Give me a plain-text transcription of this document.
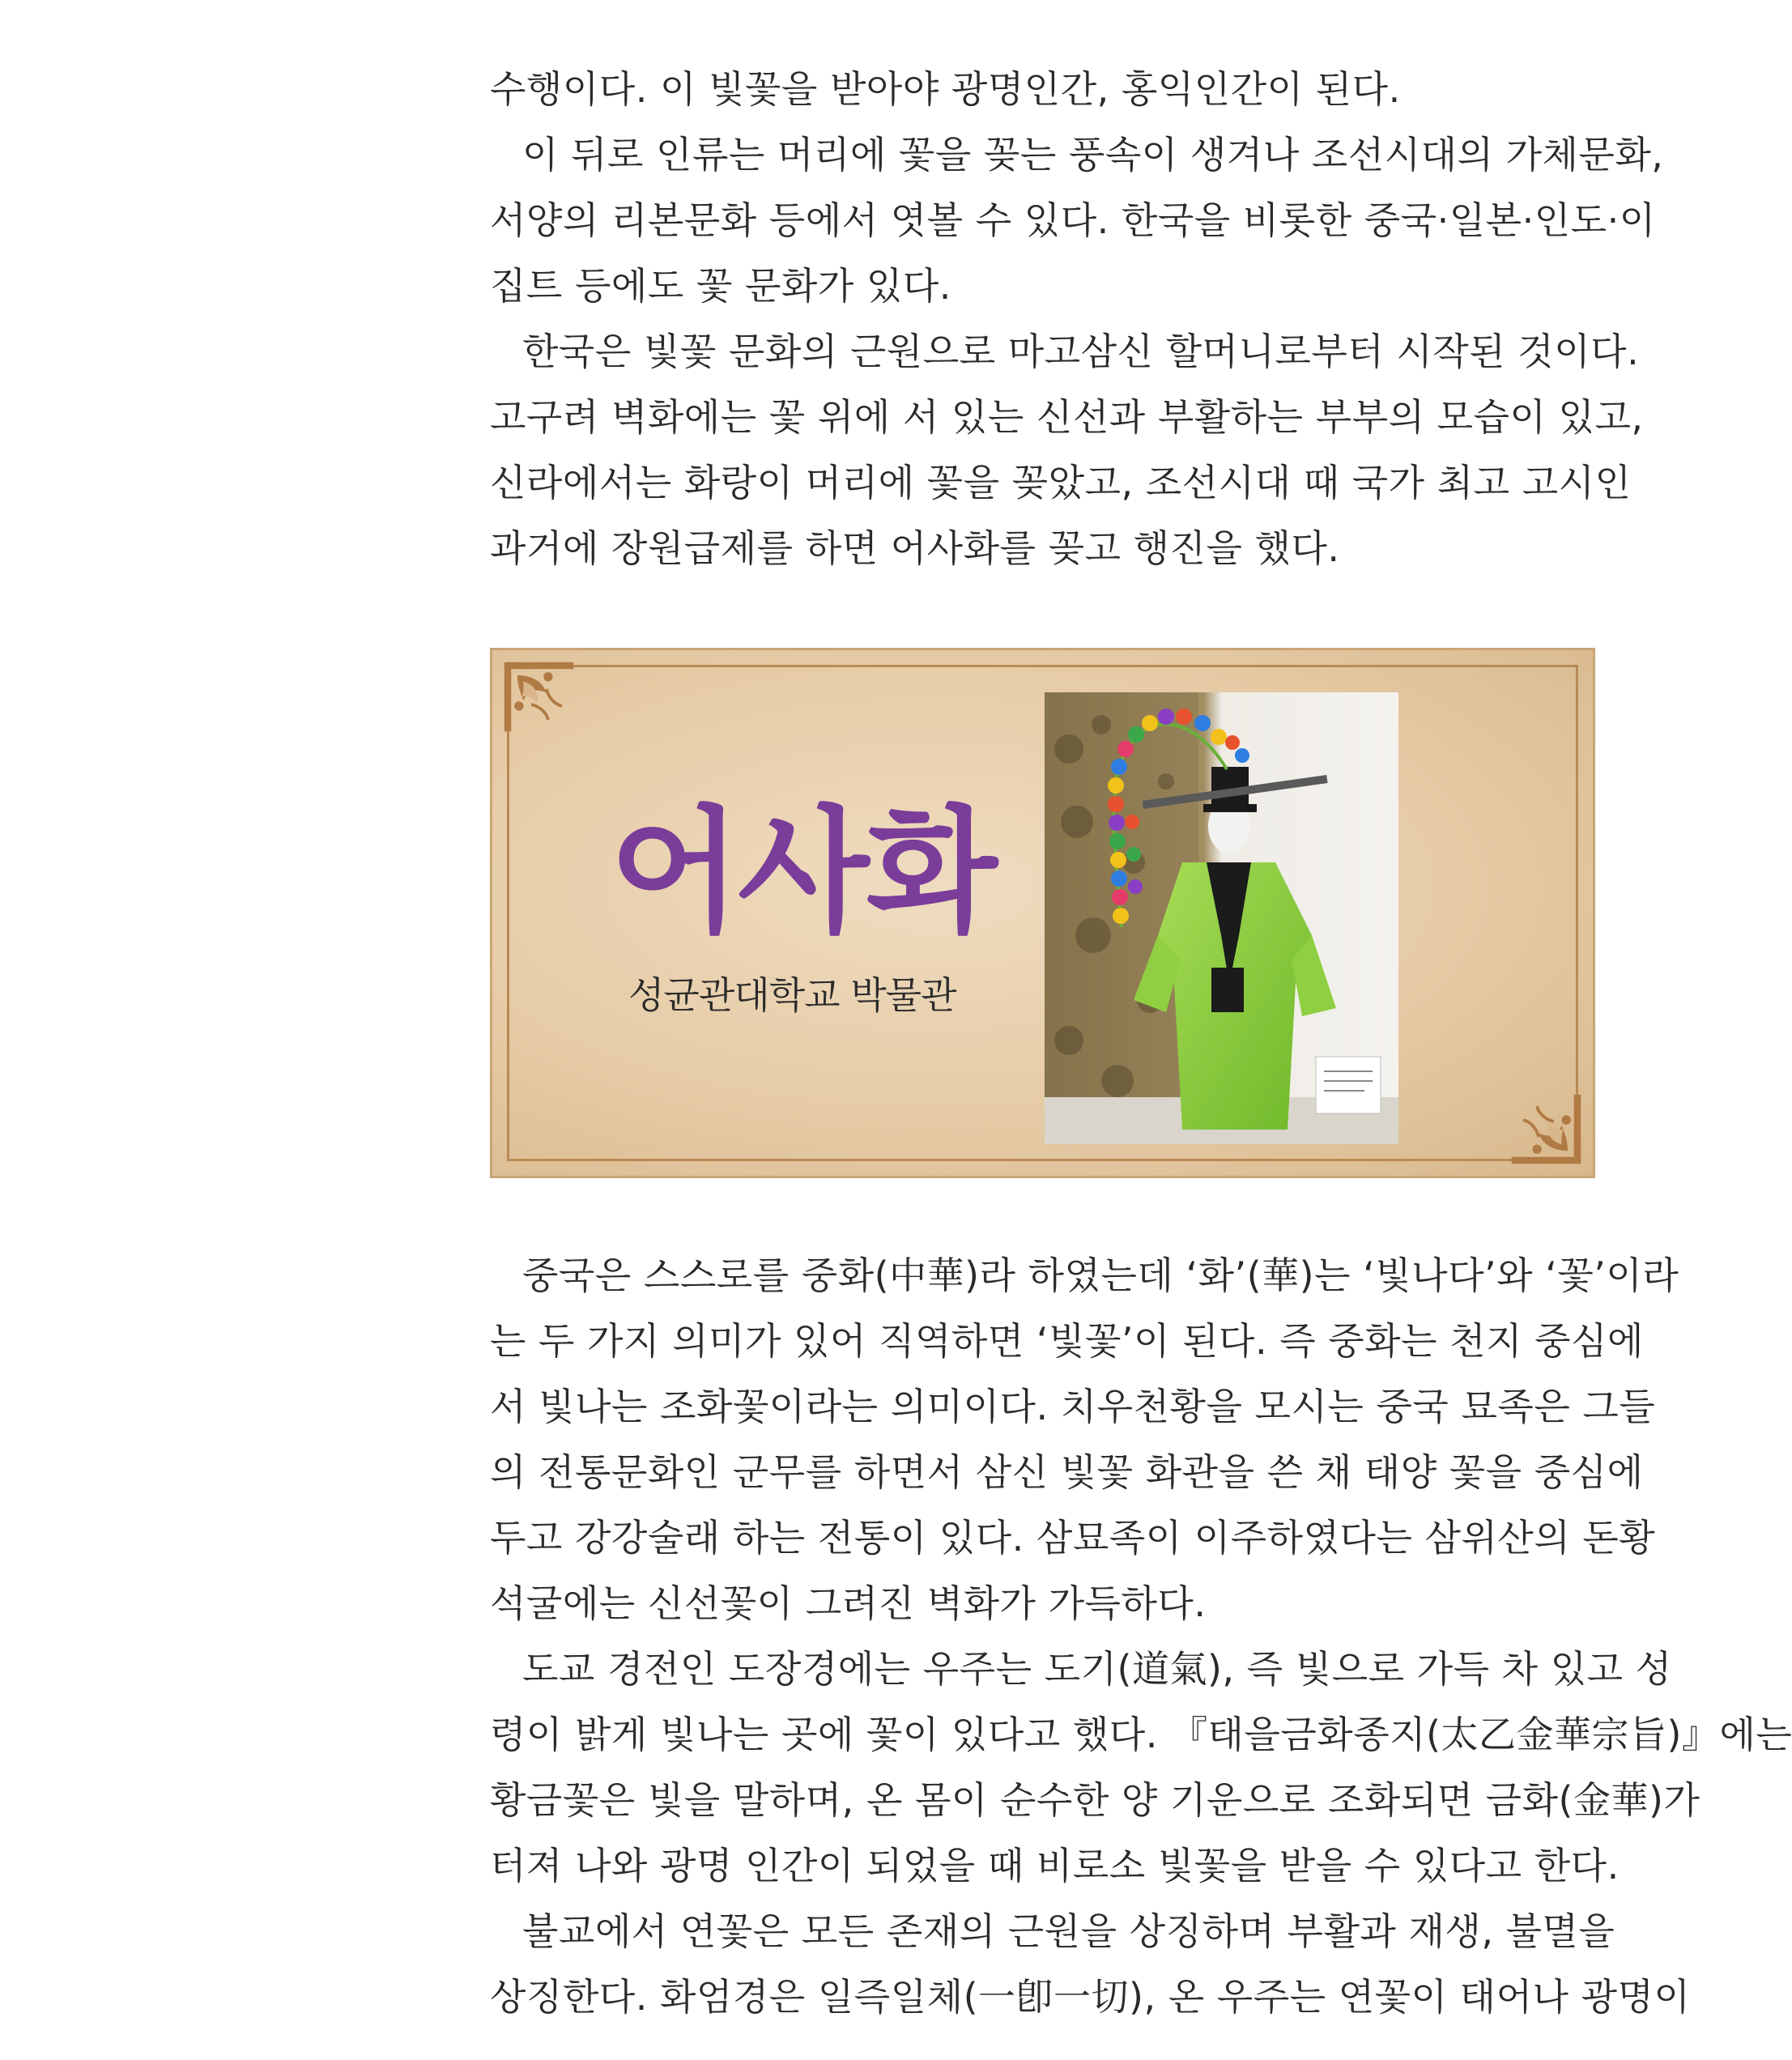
수행이다. 이 빛꽃을 받아야 광명인간, 홍익인간이 된다.
이 뒤로 인류는 머리에 꽃을 꽂는 풍속이 생겨나 조선시대의 가체문화,
서양의 리본문화 등에서 엿볼 수 있다. 한국을 비롯한 중국·일본·인도·이
집트 등에도 꽃 문화가 있다.
한국은 빛꽃 문화의 근원으로 마고삼신 할머니로부터 시작된 것이다.
고구려 벽화에는 꽃 위에 서 있는 신선과 부활하는 부부의 모습이 있고,
신라에서는 화랑이 머리에 꽃을 꽂았고, 조선시대 때 국가 최고 고시인
과거에 장원급제를 하면 어사화를 꽂고 행진을 했다.
어사화
성균관대학교 박물관
중국은 스스로를 중화(中華)라 하였는데 ‘화’(華)는 ‘빛나다’와 ‘꽃’이라
는 두 가지 의미가 있어 직역하면 ‘빛꽃’이 된다. 즉 중화는 천지 중심에
서 빛나는 조화꽃이라는 의미이다. 치우천황을 모시는 중국 묘족은 그들
의 전통문화인 군무를 하면서 삼신 빛꽃 화관을 쓴 채 태양 꽃을 중심에
두고 강강술래 하는 전통이 있다. 삼묘족이 이주하였다는 삼위산의 돈황
석굴에는 신선꽃이 그려진 벽화가 가득하다.
도교 경전인 도장경에는 우주는 도기(道氣), 즉 빛으로 가득 차 있고 성
령이 밝게 빛나는 곳에 꽃이 있다고 했다. 『태을금화종지(太乙金華宗旨)』에는
황금꽃은 빛을 말하며, 온 몸이 순수한 양 기운으로 조화되면 금화(金華)가
터져 나와 광명 인간이 되었을 때 비로소 빛꽃을 받을 수 있다고 한다.
불교에서 연꽃은 모든 존재의 근원을 상징하며 부활과 재생, 불멸을
상징한다. 화엄경은 일즉일체(一卽一切), 온 우주는 연꽃이 태어나 광명이
